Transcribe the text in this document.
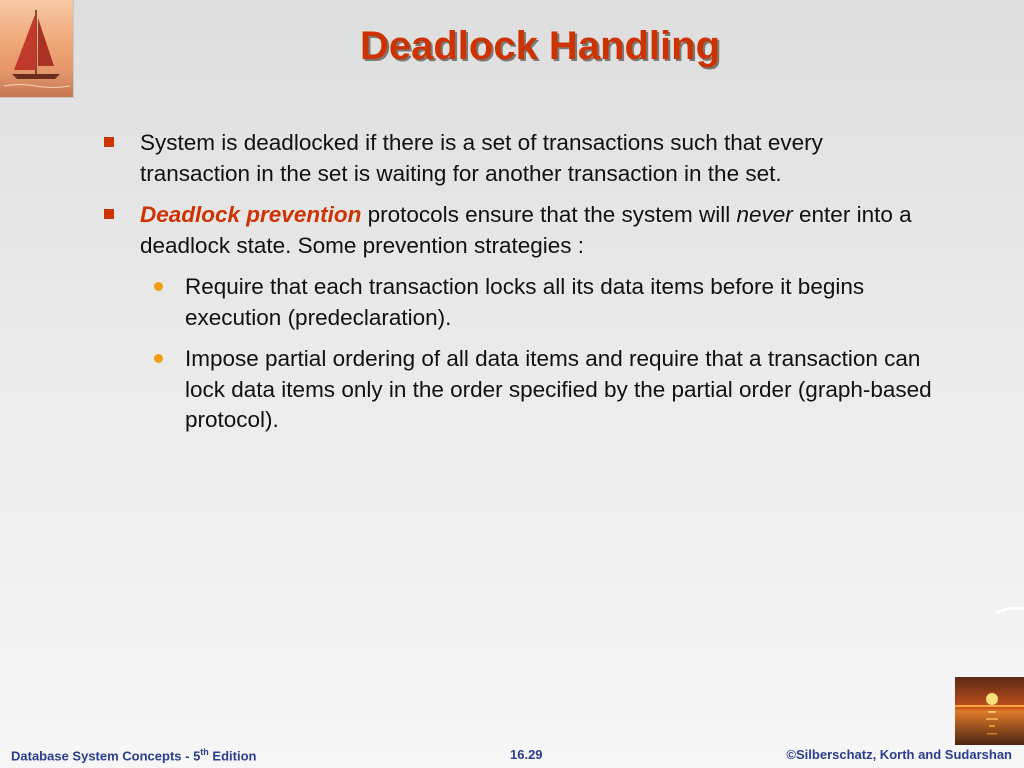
Deadlock Handling
System is deadlocked if there is a set of transactions such that every transaction in the set is waiting for another transaction in the set.
Deadlock prevention protocols ensure that the system will never enter into a deadlock state. Some prevention strategies :
Require that each transaction locks all its data items before it begins execution (predeclaration).
Impose partial ordering of all data items and require that a transaction can lock data items only in the order specified by the partial order (graph-based protocol).
Database System Concepts - 5th Edition	16.29	©Silberschatz, Korth and Sudarshan
